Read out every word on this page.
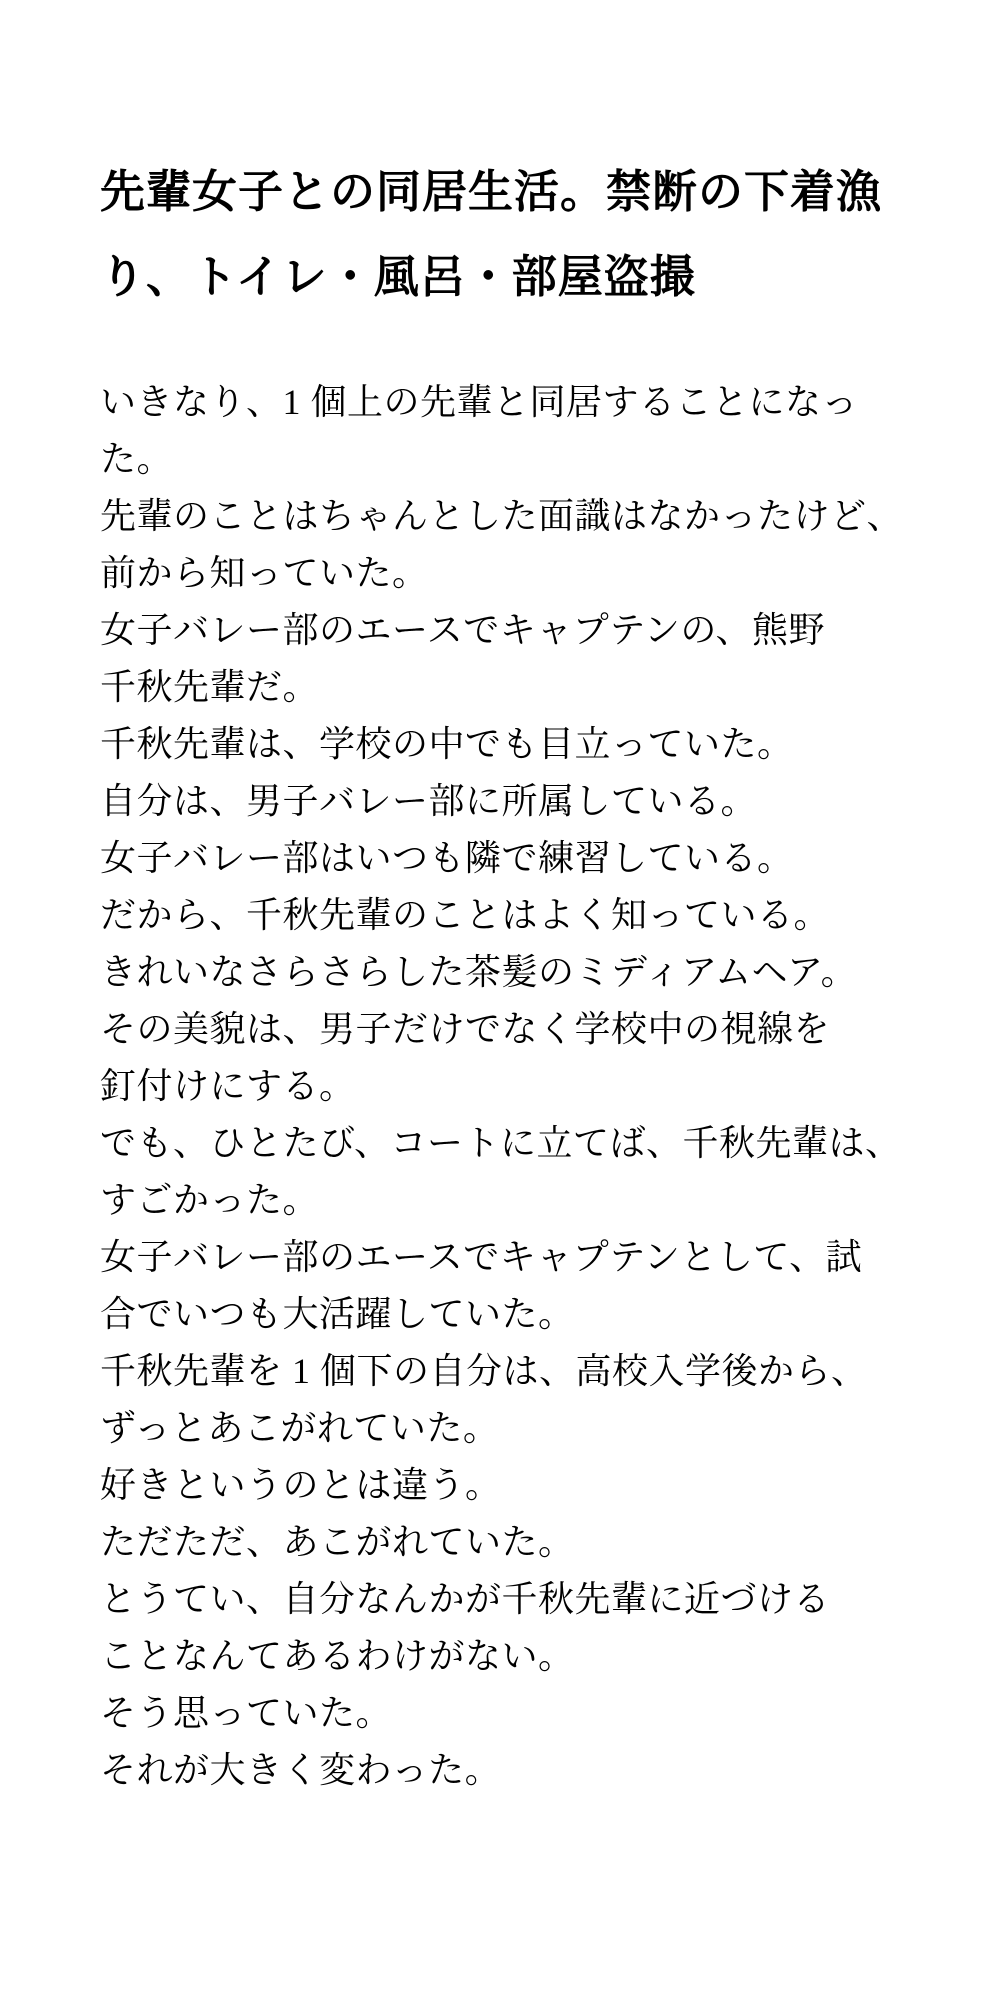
先輩女子との同居生活。禁断の下着漁
り、トイレ・風呂・部屋盗撮
いきなり、1 個上の先輩と同居することになっ
た。
先輩のことはちゃんとした面識はなかったけど、
前から知っていた。
女子バレー部のエースでキャプテンの、熊野
千秋先輩だ。
千秋先輩は、学校の中でも目立っていた。
自分は、男子バレー部に所属している。
女子バレー部はいつも隣で練習している。
だから、千秋先輩のことはよく知っている。
きれいなさらさらした茶髪のミディアムヘア。
その美貌は、男子だけでなく学校中の視線を
釘付けにする。
でも、ひとたび、コートに立てば、千秋先輩は、
すごかった。
女子バレー部のエースでキャプテンとして、試
合でいつも大活躍していた。
千秋先輩を 1 個下の自分は、高校入学後から、
ずっとあこがれていた。
好きというのとは違う。
ただただ、あこがれていた。
とうてい、自分なんかが千秋先輩に近づける
ことなんてあるわけがない。
そう思っていた。
それが大きく変わった。
